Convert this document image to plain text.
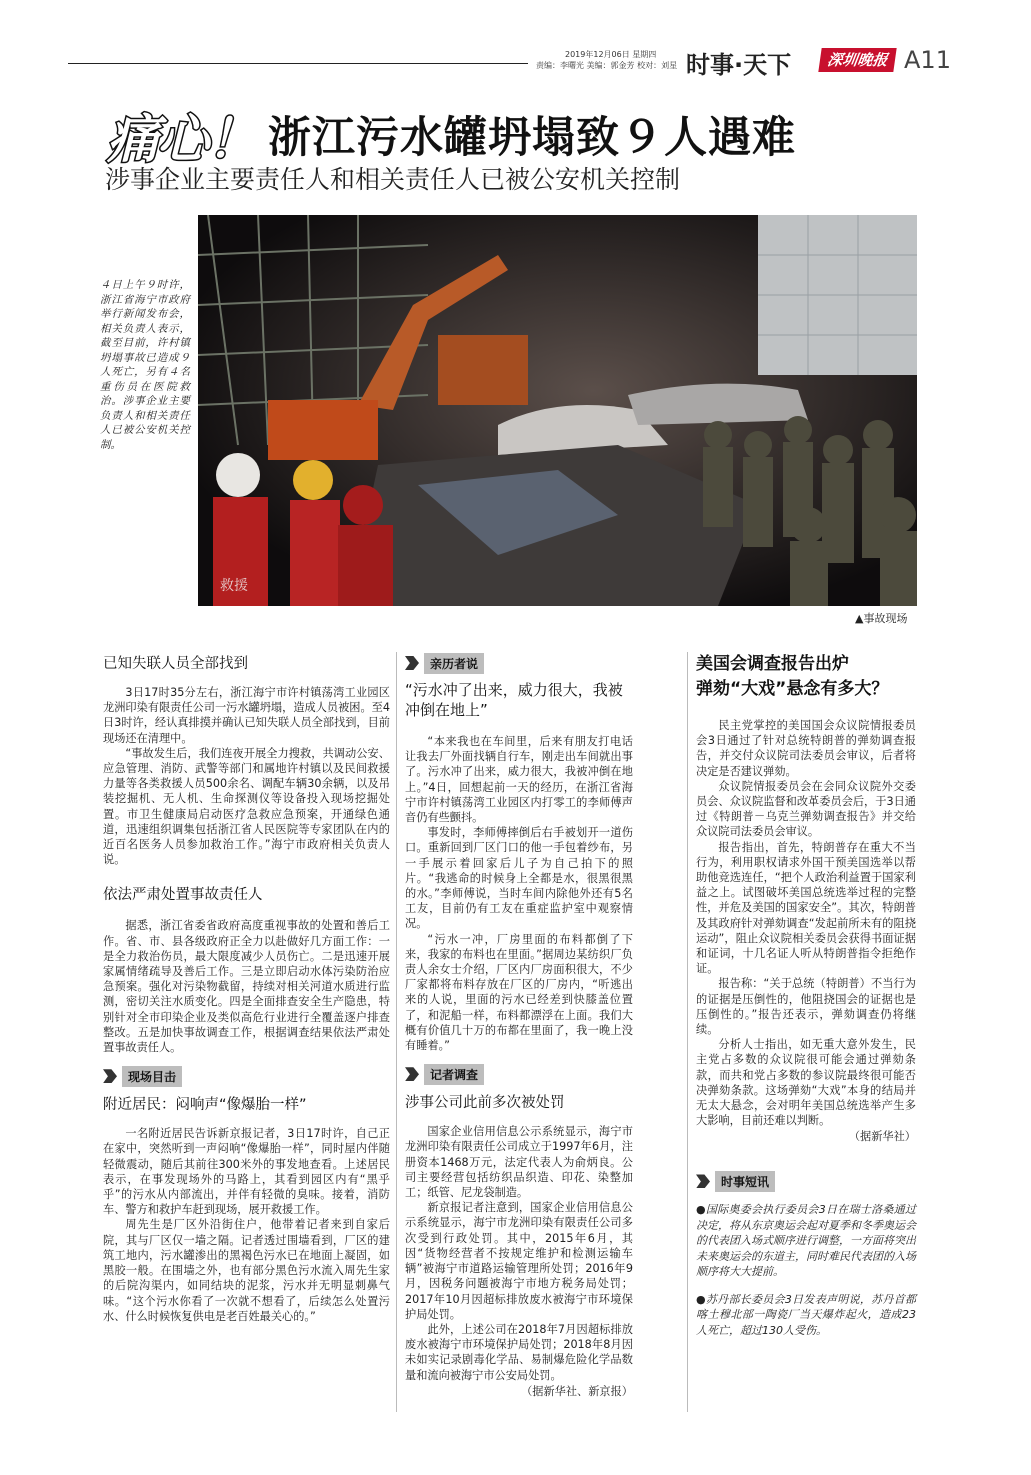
2019年12月06日 星期四
责编：李曙光 美编：郭金芳 校对：刘星 时事·天下	深圳晚报 A11
痛心！ 浙江污水罐坍塌致９人遇难
涉事企业主要责任人和相关责任人已被公安机关控制
４日上午９时许，浙江省海宁市政府举行新闻发布会，相关负责人表示，截至目前，许村镇坍塌事故已造成９人死亡，另有４名重伤员在医院救治。涉事企业主要负责人和相关责任人已被公安机关控制。
救援
▲事故现场
已知失联人员全部找到

3日17时35分左右，浙江海宁市许村镇荡湾工业园区龙洲印染有限责任公司一污水罐坍塌，造成人员被困。至4日3时许，经认真排摸并确认已知失联人员全部找到，目前现场还在清理中。

“事故发生后，我们连夜开展全力搜救，共调动公安、应急管理、消防、武警等部门和属地许村镇以及民间救援力量等各类救援人员500余名、调配车辆30余辆，以及吊装挖掘机、无人机、生命探测仪等设备投入现场挖掘处置。市卫生健康局启动医疗急救应急预案，开通绿色通道，迅速组织调集包括浙江省人民医院等专家团队在内的近百名医务人员参加救治工作。”海宁市政府相关负责人说。

依法严肃处置事故责任人

据悉，浙江省委省政府高度重视事故的处置和善后工作。省、市、县各级政府正全力以赴做好几方面工作：一是全力救治伤员，最大限度减少人员伤亡。二是迅速开展家属情绪疏导及善后工作。三是立即启动水体污染防治应急预案。强化对污染物截留，持续对相关河道水质进行监测，密切关注水质变化。四是全面排查安全生产隐患，特别针对全市印染企业及类似高危行业进行全覆盖逐户排查整改。五是加快事故调查工作，根据调查结果依法严肃处置事故责任人。

现场目击
附近居民：闷响声“像爆胎一样”

一名附近居民告诉新京报记者，3日17时许，自己正在家中，突然听到一声闷响“像爆胎一样”，同时屋内伴随轻微震动，随后其前往300米外的事发地查看。上述居民表示，在事发现场外的马路上，其看到园区内有“黑乎乎”的污水从内部流出，并伴有轻微的臭味。接着，消防车、警方和救护车赶到现场，展开救援工作。

周先生是厂区外沿街住户，他带着记者来到自家后院，其与厂区仅一墙之隔。记者透过围墙看到，厂区的建筑工地内，污水罐渗出的黑褐色污水已在地面上凝固，如黑胶一般。在围墙之外，也有部分黑色污水流入周先生家的后院沟渠内，如同结块的泥浆，污水并无明显刺鼻气味。“这个污水你看了一次就不想看了，后续怎么处置污水、什么时候恢复供电是老百姓最关心的。”

亲历者说
“污水冲了出来，威力很大，我被冲倒在地上”

“本来我也在车间里，后来有朋友打电话让我去厂外面找辆自行车，刚走出车间就出事了。污水冲了出来，威力很大，我被冲倒在地上。”4日，回想起前一天的经历，在浙江省海宁市许村镇荡湾工业园区内打零工的李师傅声音仍有些颤抖。

事发时，李师傅摔倒后右手被划开一道伤口。重新回到厂区门口的他一手包着纱布，另一手展示着回家后儿子为自己拍下的照片。“我逃命的时候身上全都是水，很黑很黑的水。”李师傅说，当时车间内除他外还有5名工友，目前仍有工友在重症监护室中观察情况。

“污水一冲，厂房里面的布料都倒了下来，我家的布料也在里面。”据周边某纺织厂负责人余女士介绍，厂区内厂房面积很大，不少厂家都将布料存放在厂区的厂房内，“听逃出来的人说，里面的污水已经差到快膝盖位置了，和泥船一样，布料都漂浮在上面。我们大概有价值几十万的布都在里面了，我一晚上没有睡着。”

记者调查
涉事公司此前多次被处罚

国家企业信用信息公示系统显示，海宁市龙洲印染有限责任公司成立于1997年6月，注册资本1468万元，法定代表人为俞炳良。公司主要经营包括纺织品织造、印花、染整加工；纸管、尼龙袋制造。

新京报记者注意到，国家企业信用信息公示系统显示，海宁市龙洲印染有限责任公司多次受到行政处罚。其中，2015年6月，其因“货物经营者不按规定维护和检测运输车辆”被海宁市道路运输管理所处罚；2016年9月，因税务问题被海宁市地方税务局处罚；2017年10月因超标排放废水被海宁市环境保护局处罚。

此外，上述公司在2018年7月因超标排放废水被海宁市环境保护局处罚；2018年8月因未如实记录剧毒化学品、易制爆危险化学品数量和流向被海宁市公安局处罚。

（据新华社、新京报）
美国会调查报告出炉
弹劾“大戏”悬念有多大？

民主党掌控的美国国会众议院情报委员会3日通过了针对总统特朗普的弹劾调查报告，并交付众议院司法委员会审议，后者将决定是否建议弹劾。

众议院情报委员会在会同众议院外交委员会、众议院监督和改革委员会后，于3日通过《特朗普－乌克兰弹劾调查报告》并交给众议院司法委员会审议。

报告指出，首先，特朗普存在重大不当行为，利用职权请求外国干预美国选举以帮助他竞选连任，“把个人政治利益置于国家利益之上。试图破坏美国总统选举过程的完整性，并危及美国的国家安全”。其次，特朗普及其政府针对弹劾调查“发起前所未有的阻挠运动”，阻止众议院相关委员会获得书面证据和证词，十几名证人听从特朗普指令拒绝作证。

报告称：“关于总统（特朗普）不当行为的证据是压倒性的，他阻挠国会的证据也是压倒性的。”报告还表示，弹劾调查仍将继续。

分析人士指出，如无重大意外发生，民主党占多数的众议院很可能会通过弹劾条款，而共和党占多数的参议院最终很可能否决弹劾条款。这场弹劾“大戏”本身的结局并无太大悬念，会对明年美国总统选举产生多大影响，目前还难以判断。

（据新华社）
时事短讯

●国际奥委会执行委员会3日在瑞士洛桑通过决定，将从东京奥运会起对夏季和冬季奥运会的代表团入场式顺序进行调整，一方面将突出未来奥运会的东道主，同时难民代表团的入场顺序将大大提前。

●苏丹部长委员会3日发表声明说，苏丹首都喀土穆北部一陶瓷厂当天爆炸起火，造成23人死亡，超过130人受伤。
